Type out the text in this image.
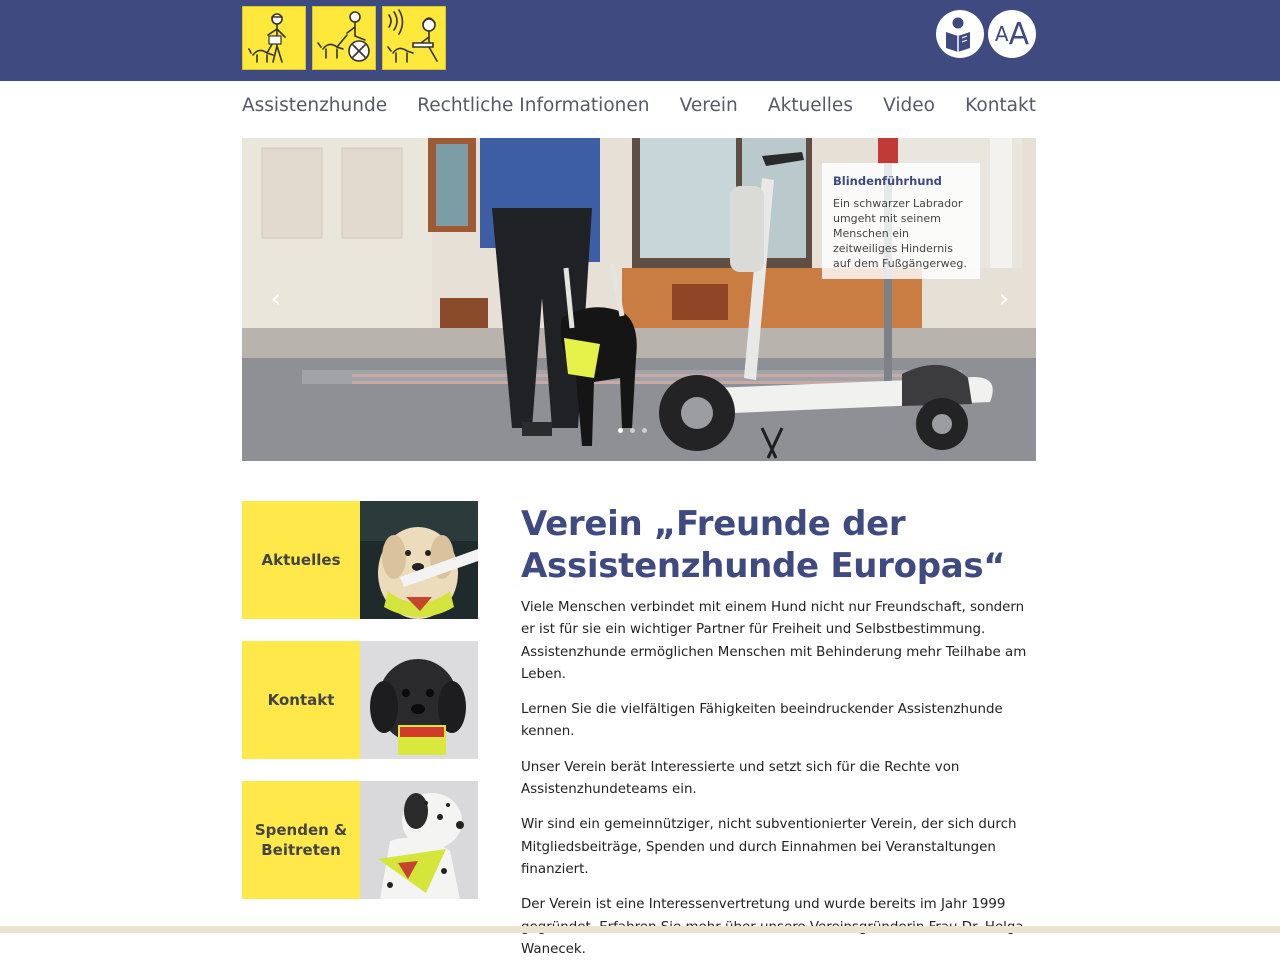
A A
Assistenzhunde Rechtliche Informationen Verein Aktuelles Video Kontakt
Blindenführhund
Ein schwarzer Labrador umgeht mit seinem Menschen ein zeitweiliges Hindernis auf dem Fußgängerweg.
‹	›
Aktuelles
Kontakt
Spenden & Beitreten
Verein „Freunde der Assistenzhunde Europas“

Viele Menschen verbindet mit einem Hund nicht nur Freundschaft, sondern er ist für sie ein wichtiger Partner für Freiheit und Selbstbestimmung. Assistenzhunde ermöglichen Menschen mit Behinderung mehr Teilhabe am Leben.

Lernen Sie die vielfältigen Fähigkeiten beeindruckender Assistenzhunde kennen.

Unser Verein berät Interessierte und setzt sich für die Rechte von Assistenzhundeteams ein.

Wir sind ein gemeinnütziger, nicht subventionierter Verein, der sich durch Mitgliedsbeiträge, Spenden und durch Einnahmen bei Veranstaltungen finanziert.

Der Verein ist eine Interessenvertretung und wurde bereits im Jahr 1999 Wanecek.
